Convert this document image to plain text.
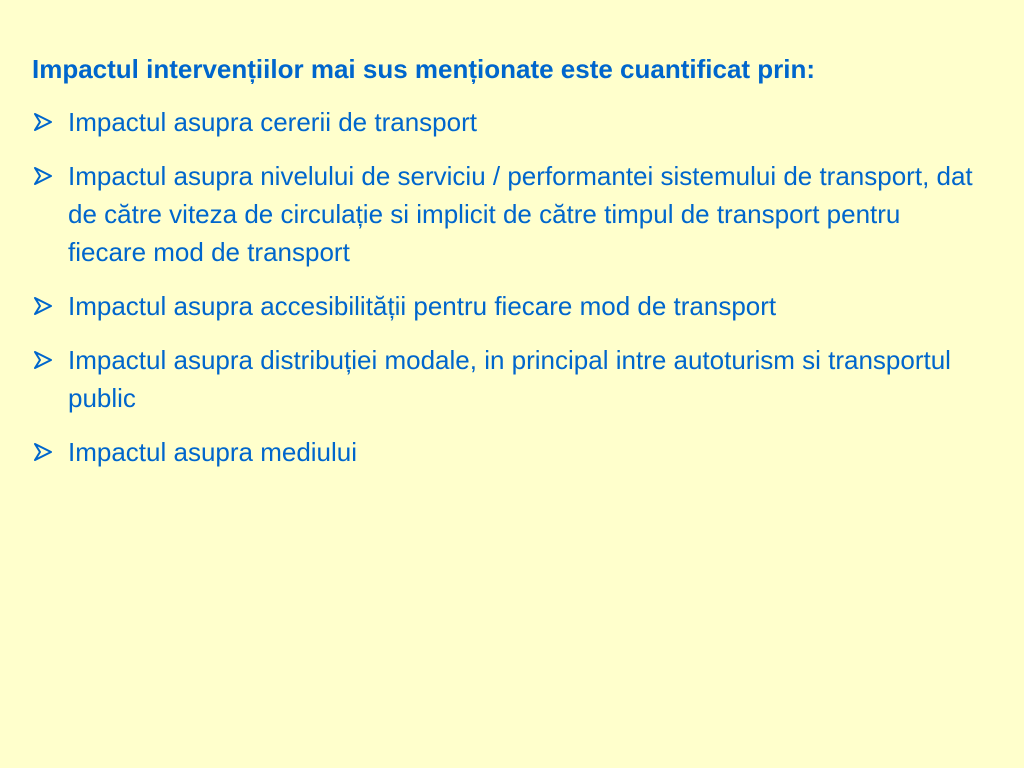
Impactul intervențiilor mai sus menționate este cuantificat prin:
Impactul asupra cererii de transport
Impactul asupra nivelului de serviciu / performantei sistemului de transport, dat de către viteza de circulație si implicit de către timpul de transport pentru fiecare mod de transport
Impactul asupra accesibilității pentru fiecare mod de transport
Impactul asupra distribuției modale, in principal intre autoturism si transportul public
Impactul asupra mediului
